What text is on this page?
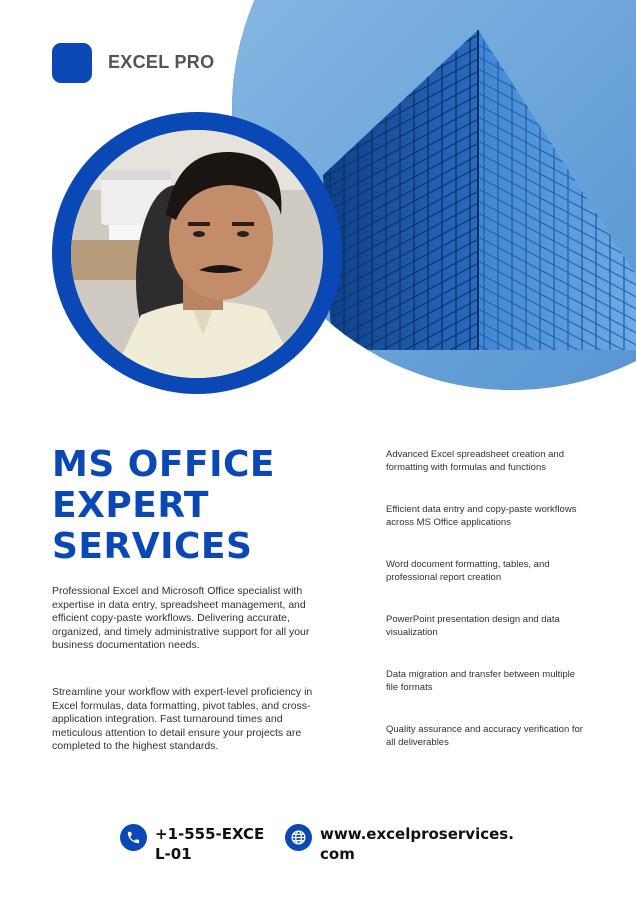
EXCEL PRO
MS OFFICE
EXPERT
SERVICES

Professional Excel and Microsoft Office specialist with expertise in data entry, spreadsheet management, and efficient copy-paste workflows. Delivering accurate, organized, and timely administrative support for all your business documentation needs.

Streamline your workflow with expert-level proficiency in Excel formulas, data formatting, pivot tables, and cross-application integration. Fast turnaround times and meticulous attention to detail ensure your projects are completed to the highest standards.

Advanced Excel spreadsheet creation and formatting with formulas and functions
Efficient data entry and copy-paste workflows across MS Office applications
Word document formatting, tables, and professional report creation
PowerPoint presentation design and data visualization
Data migration and transfer between multiple file formats
Quality assurance and accuracy verification for all deliverables
+1-555-EXCEL-01
www.excelproservices.com
